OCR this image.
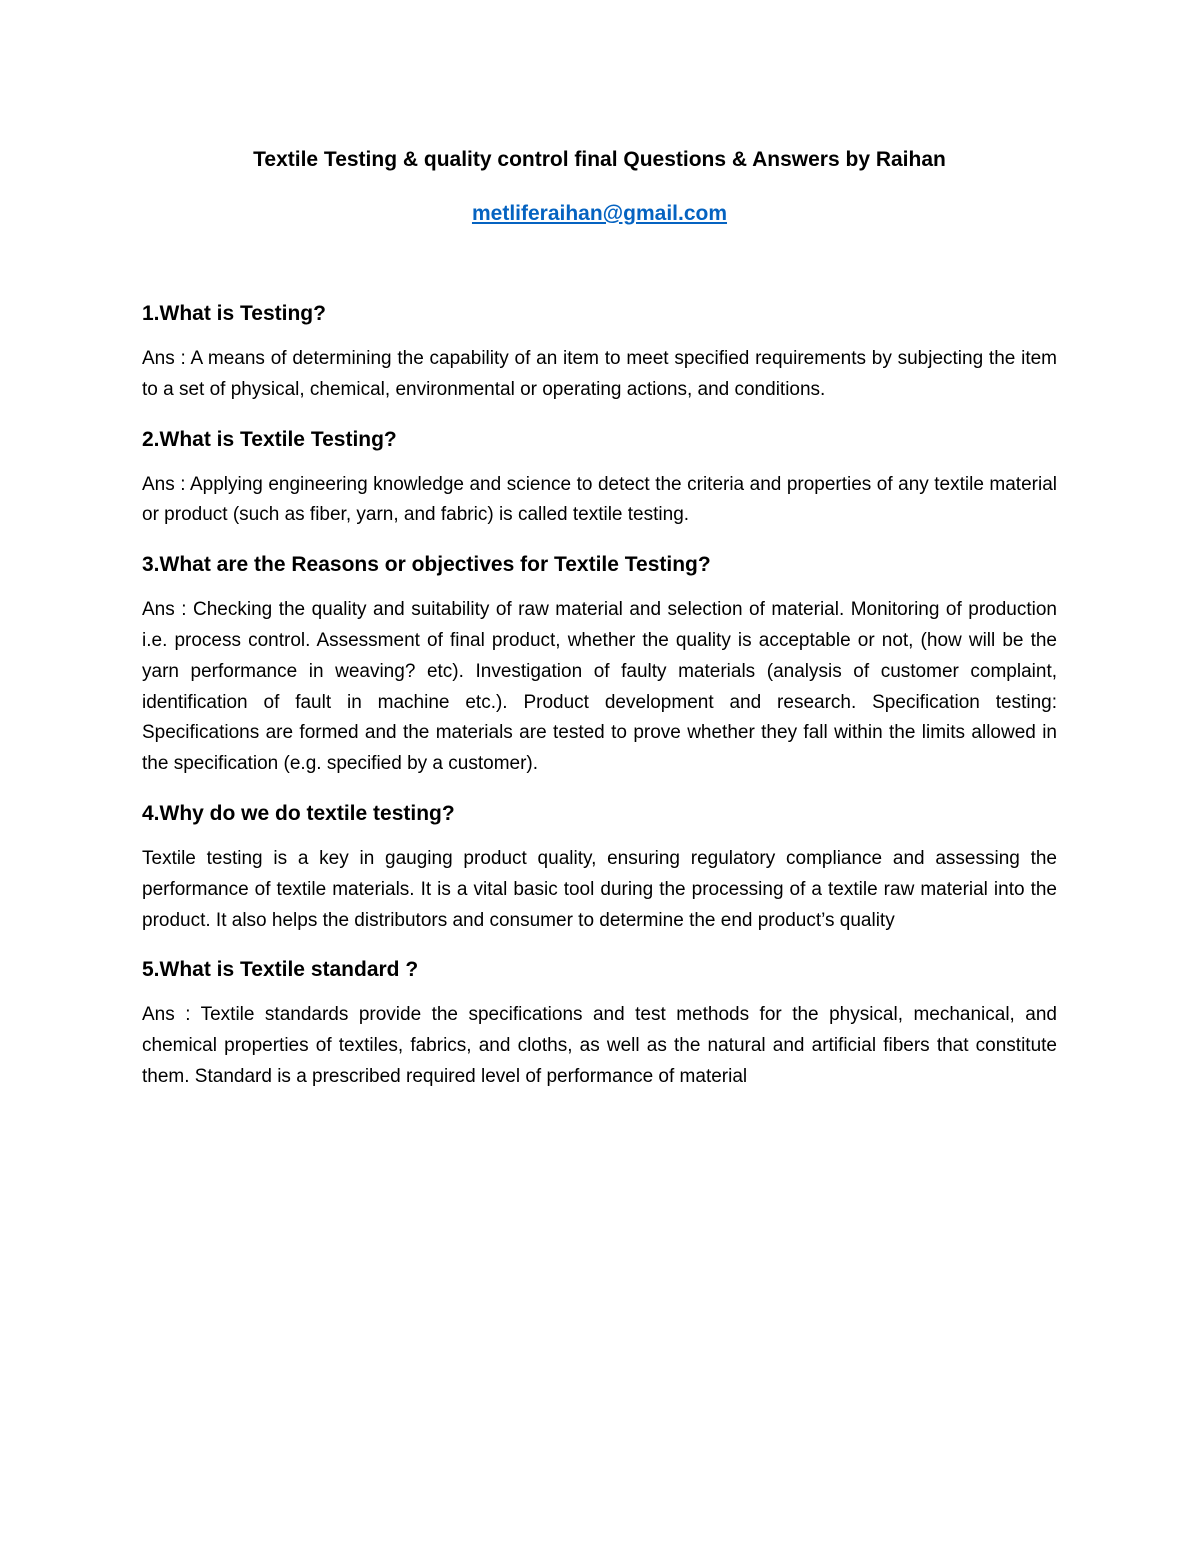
Textile Testing & quality control final Questions & Answers by Raihan
metliferaihan@gmail.com

1.What is Testing?

Ans : A means of determining the capability of an item to meet specified requirements by subjecting the item to a set of physical, chemical, environmental or operating actions, and conditions.

2.What is Textile Testing?

Ans : Applying engineering knowledge and science to detect the criteria and properties of any textile material or product (such as fiber, yarn, and fabric) is called textile testing.

3.What are the Reasons or objectives for Textile Testing?

Ans : Checking the quality and suitability of raw material and selection of material. Monitoring of production i.e. process control. Assessment of final product, whether the quality is acceptable or not, (how will be the yarn performance in weaving? etc). Investigation of faulty materials (analysis of customer complaint, identification of fault in machine etc.). Product development and research. Specification testing: Specifications are formed and the materials are tested to prove whether they fall within the limits allowed in the specification (e.g. specified by a customer).

4.Why do we do textile testing?

Textile testing is a key in gauging product quality, ensuring regulatory compliance and assessing the performance of textile materials. It is a vital basic tool during the processing of a textile raw material into the product. It also helps the distributors and consumer to determine the end product’s quality

5.What is Textile standard ?

Ans : Textile standards provide the specifications and test methods for the physical, mechanical, and chemical properties of textiles, fabrics, and cloths, as well as the natural and artificial fibers that constitute them. Standard is a prescribed required level of performance of material
